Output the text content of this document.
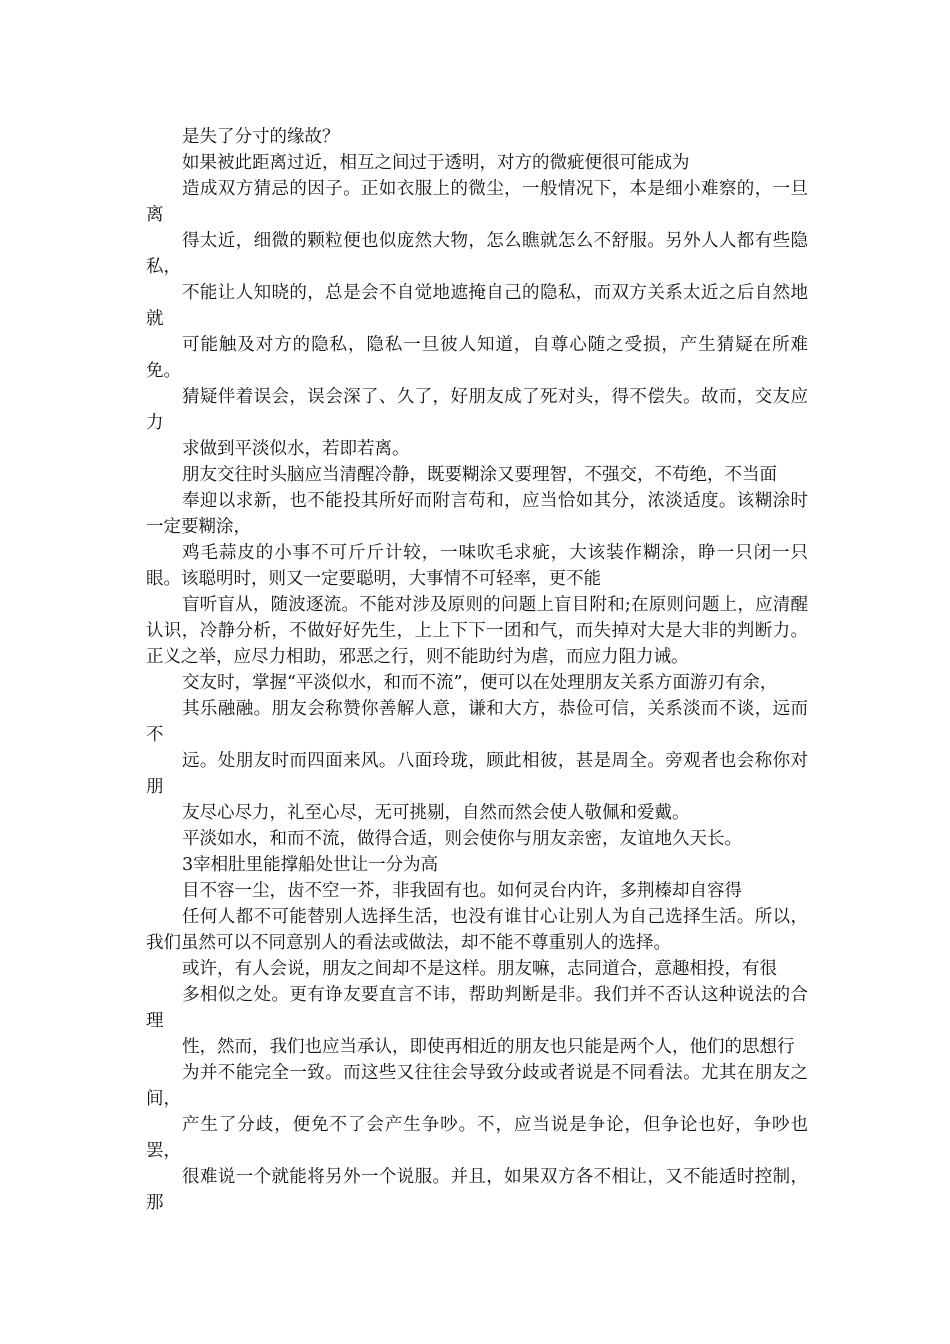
是失了分寸的缘故？

如果被此距离过近，相互之间过于透明，对方的微疵便很可能成为

造成双方猜忌的因子。正如衣服上的微尘，一般情况下，本是细小难察的，一旦离

得太近，细微的颗粒便也似庞然大物，怎么瞧就怎么不舒服。另外人人都有些隐私，

不能让人知晓的，总是会不自觉地遮掩自己的隐私，而双方关系太近之后自然地就

可能触及对方的隐私，隐私一旦彼人知道，自尊心随之受损，产生猜疑在所难免。

猜疑伴着误会，误会深了、久了，好朋友成了死对头，得不偿失。故而，交友应力

求做到平淡似水，若即若离。

朋友交往时头脑应当清醒冷静，既要糊涂又要理智，不强交，不苟绝，不当面

奉迎以求新，也不能投其所好而附言苟和，应当恰如其分，浓淡适度。该糊涂时一定要糊涂，

鸡毛蒜皮的小事不可斤斤计较，一味吹毛求疵，大该装作糊涂，睁一只闭一只眼。该聪明时，则又一定要聪明，大事情不可轻率，更不能

盲听盲从，随波逐流。不能对涉及原则的问题上盲目附和;在原则问题上，应清醒认识，冷静分析，不做好好先生，上上下下一团和气，而失掉对大是大非的判断力。正义之举，应尽力相助，邪恶之行，则不能助纣为虐，而应力阻力诫。

交友时，掌握“平淡似水，和而不流”，便可以在处理朋友关系方面游刃有余，

其乐融融。朋友会称赞你善解人意，谦和大方，恭俭可信，关系淡而不谈，远而不

远。处朋友时而四面来风。八面玲珑，顾此相彼，甚是周全。旁观者也会称你对朋

友尽心尽力，礼至心尽，无可挑剔，自然而然会使人敬佩和爱戴。

平淡如水，和而不流，做得合适，则会使你与朋友亲密，友谊地久天长。

3宰相肚里能撑船处世让一分为高

目不容一尘，齿不空一芥，非我固有也。如何灵台内许，多荆榛却自容得

任何人都不可能替别人选择生活，也没有谁甘心让别人为自己选择生活。所以，我们虽然可以不同意别人的看法或做法，却不能不尊重别人的选择。

或许，有人会说，朋友之间却不是这样。朋友嘛，志同道合，意趣相投，有很

多相似之处。更有诤友要直言不讳，帮助判断是非。我们并不否认这种说法的合理

性，然而，我们也应当承认，即使再相近的朋友也只能是两个人，他们的思想行

为并不能完全一致。而这些又往往会导致分歧或者说是不同看法。尤其在朋友之间，

产生了分歧，便免不了会产生争吵。不，应当说是争论，但争论也好，争吵也罢，

很难说一个就能将另外一个说服。并且，如果双方各不相让，又不能适时控制，那
